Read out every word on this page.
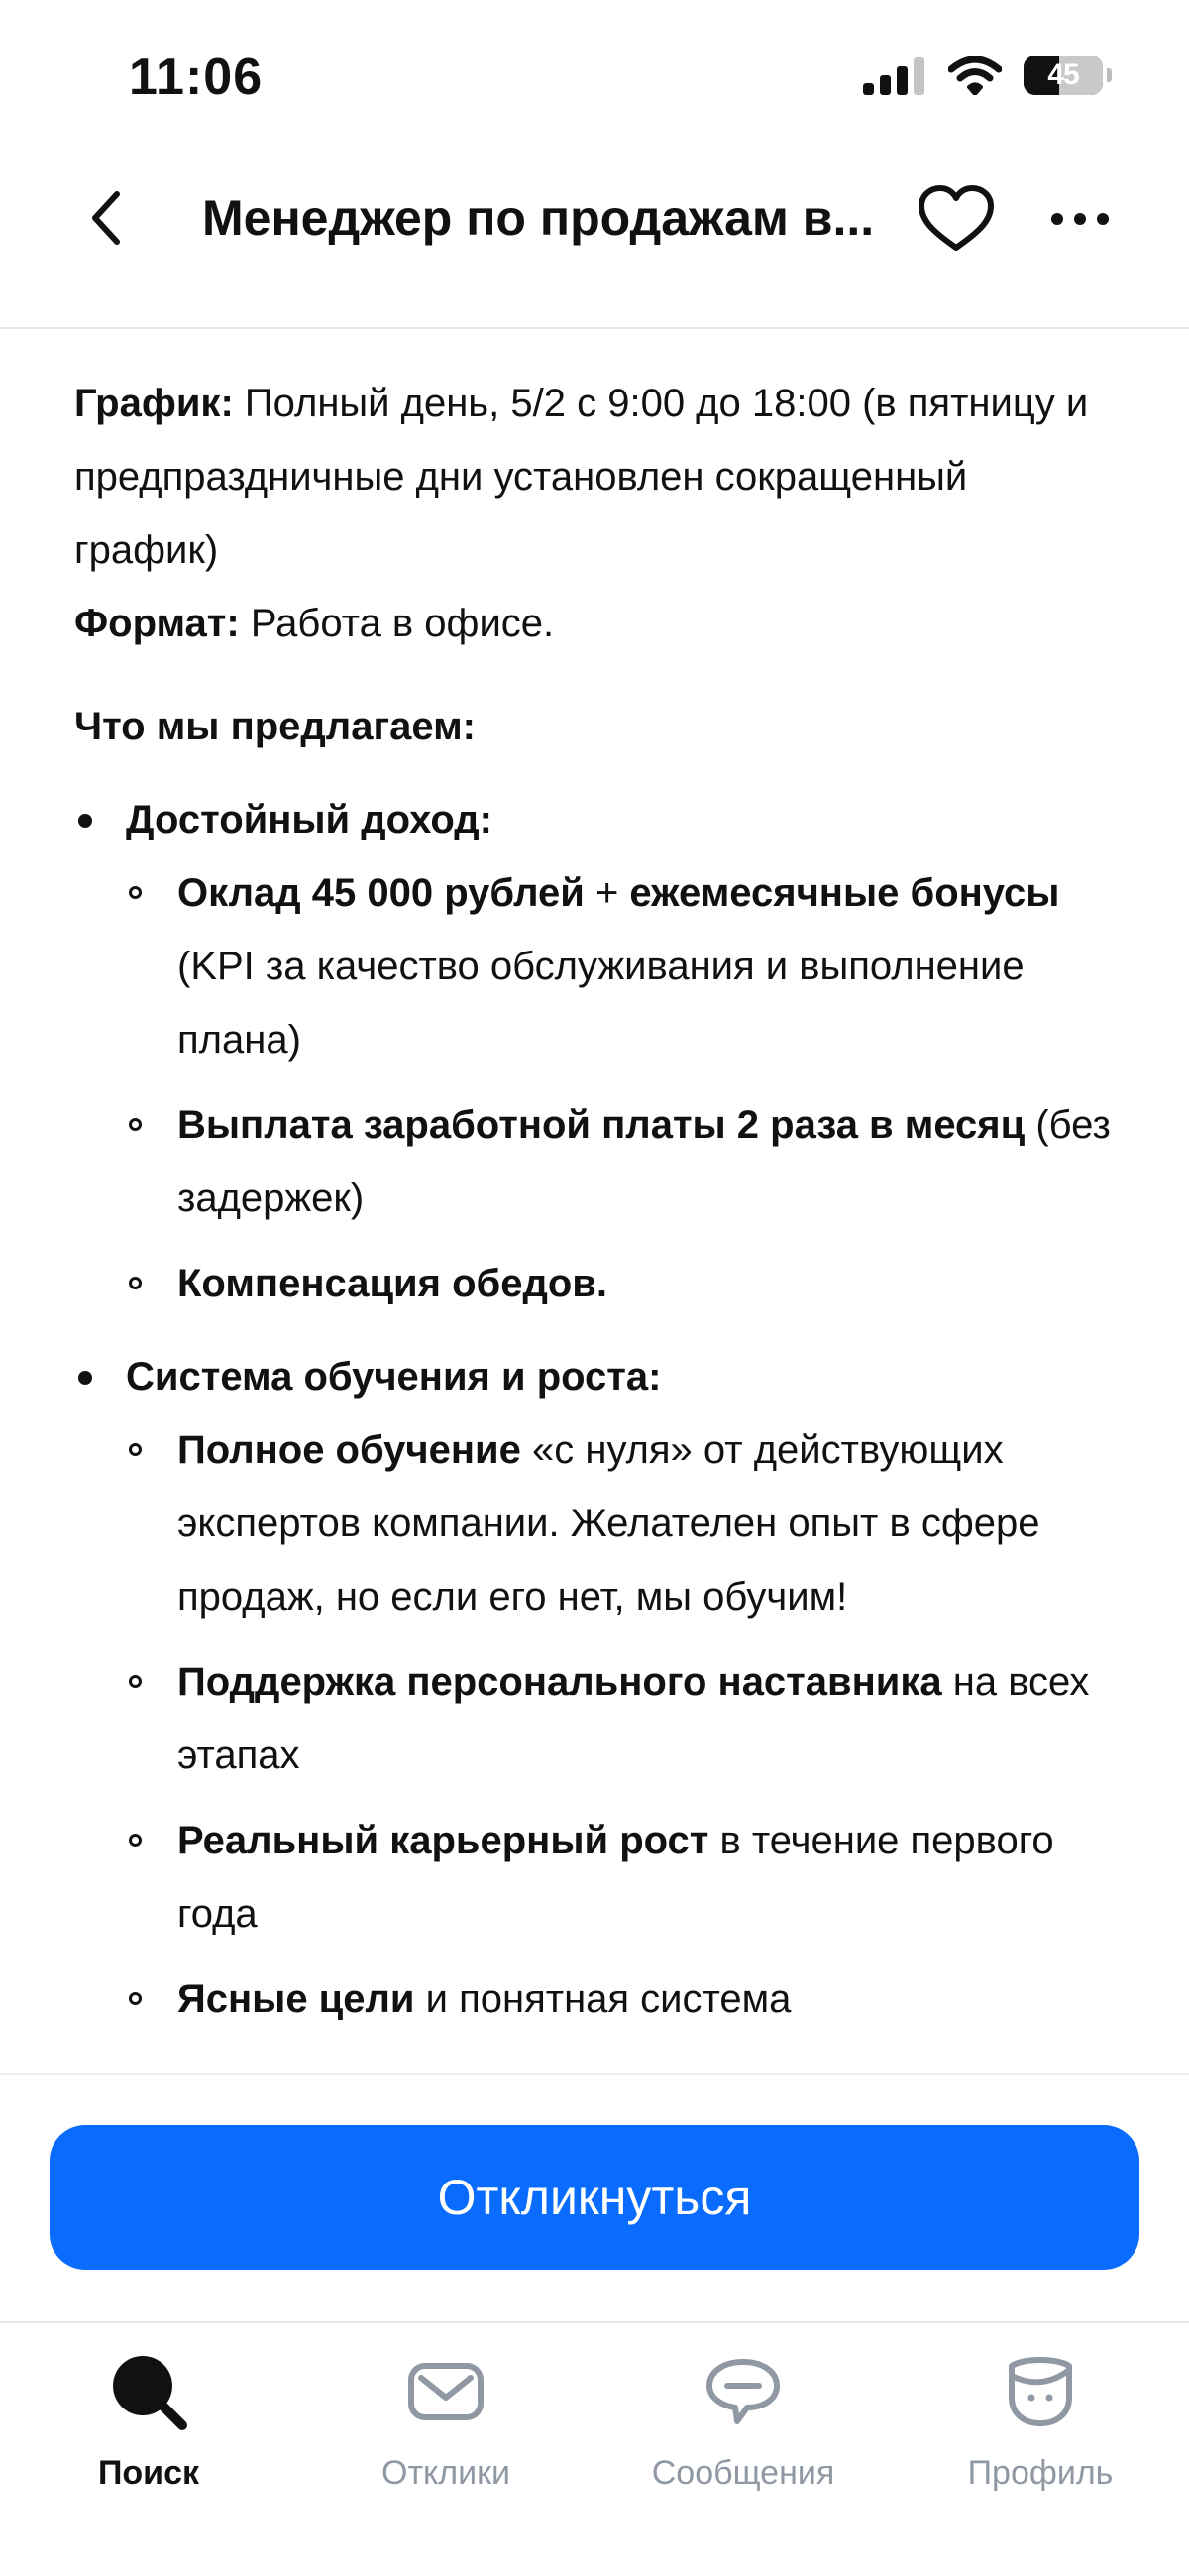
11:06	45
Менеджер по продажам в...

График: Полный день, 5/2 с 9:00 до 18:00 (в пятницу и предпраздничные дни установлен сокращенный график)

Формат: Работа в офисе.

Что мы предлагаем:

Достойный доход:
Оклад 45 000 рублей + ежемесячные бонусы (KPI за качество обслуживания и выполнение плана)
Выплата заработной платы 2 раза в месяц (без задержек)
Компенсация обедов.
Система обучения и роста:
Полное обучение «с нуля» от действующих экспертов компании. Желателен опыт в сфере продаж, но если его нет, мы обучим!
Поддержка персонального наставника на всех этапах
Реальный карьерный рост в течение первого года
Ясные цели и понятная система
Откликнуться
Поиск	Отклики	Сообщения	Профиль
